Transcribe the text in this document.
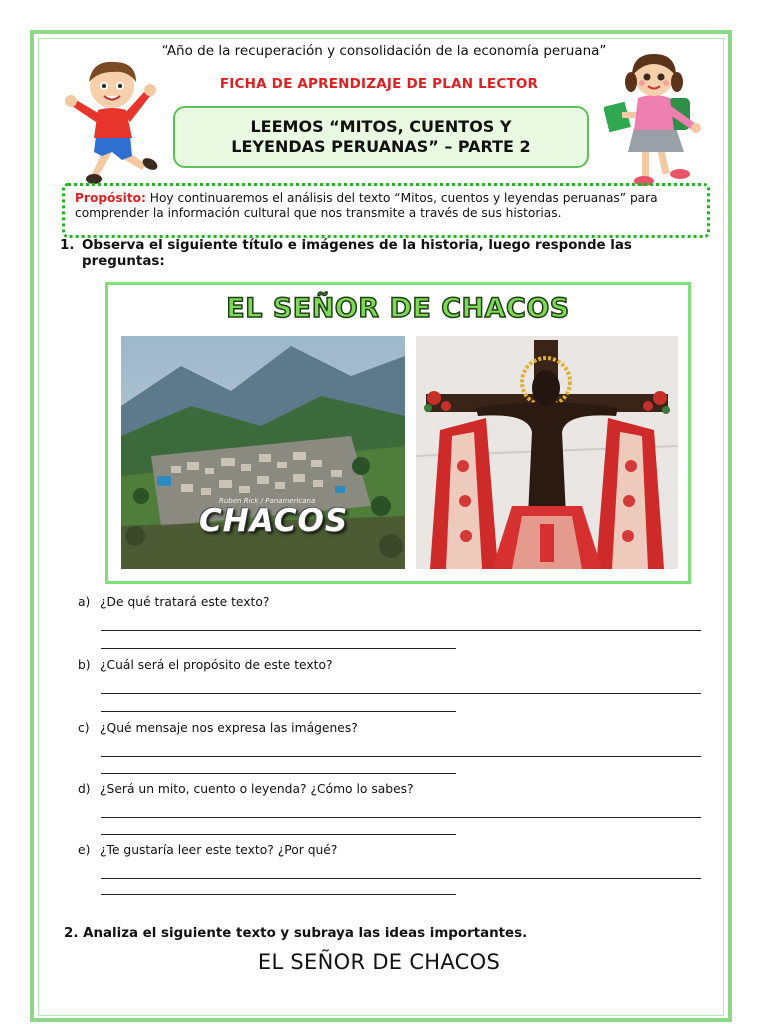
“Año de la recuperación y consolidación de la economía peruana”
FICHA DE APRENDIZAJE DE PLAN LECTOR
LEEMOS “MITOS, CUENTOS Y
LEYENDAS PERUANAS” – PARTE 2
Propósito: Hoy continuaremos el análisis del texto “Mitos, cuentos y leyendas peruanas” para comprender la información cultural que nos transmite a través de sus historias.
1. Observa el siguiente título e imágenes de la historia, luego responde las preguntas:
EL SEÑOR DE CHACOS
Ruben Rick / Panamericana
CHACOS
a) ¿De qué tratará este texto?
b) ¿Cuál será el propósito de este texto?
c) ¿Qué mensaje nos expresa las imágenes?
d) ¿Será un mito, cuento o leyenda? ¿Cómo lo sabes?
e) ¿Te gustaría leer este texto? ¿Por qué?
2. Analiza el siguiente texto y subraya las ideas importantes.
EL SEÑOR DE CHACOS
